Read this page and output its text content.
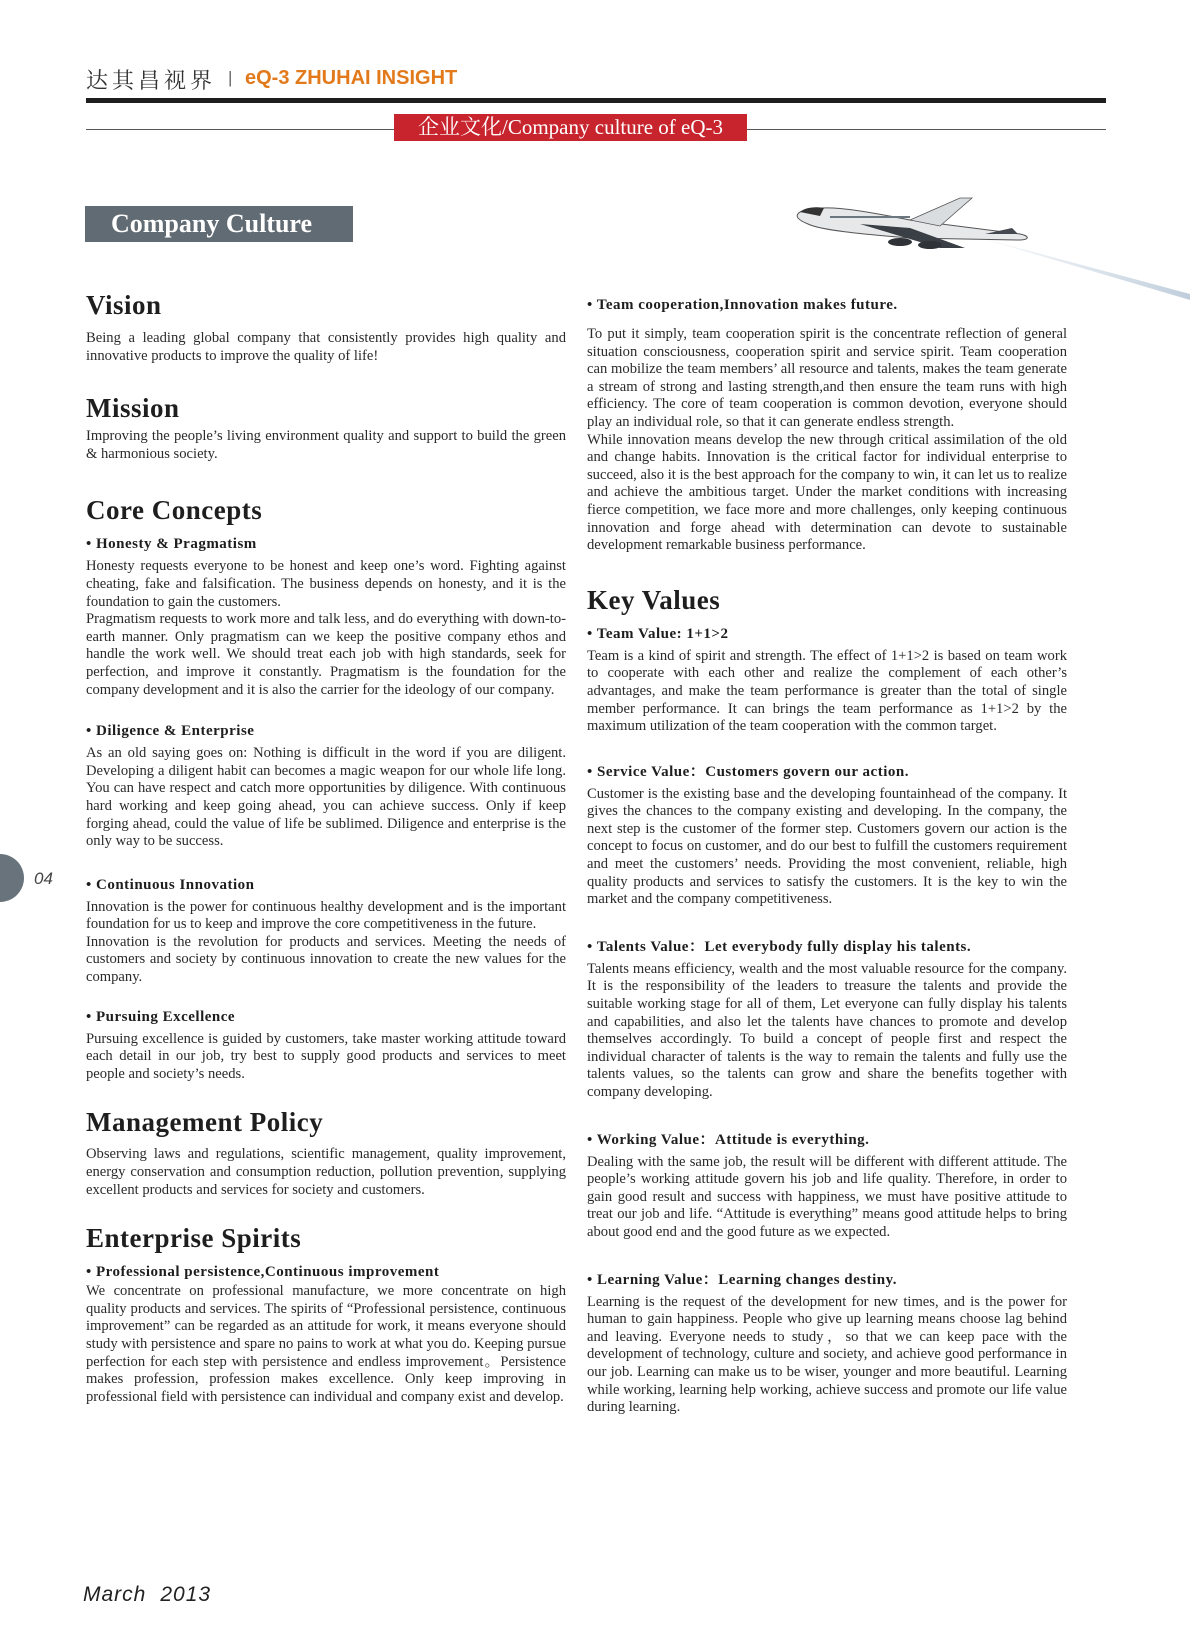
达其昌视界 | eQ-3 ZHUHAI INSIGHT
企业文化/Company culture of eQ-3
Company Culture
Vision

Being a leading global company that consistently provides high quality and innovative products to improve the quality of life!

Mission

Improving the people’s living environment quality and support to build the green & harmonious society.

Core Concepts
• Honesty & Pragmatism

Honesty requests everyone to be honest and keep one’s word. Fighting against cheating, fake and falsification. The business depends on honesty, and it is the foundation to gain the customers.

Pragmatism requests to work more and talk less, and do everything with down-to-earth manner. Only pragmatism can we keep the positive company ethos and handle the work well. We should treat each job with high standards, seek for perfection, and improve it constantly. Pragmatism is the foundation for the company development and it is also the carrier for the ideology of our company.

• Diligence & Enterprise

As an old saying goes on: Nothing is difficult in the word if you are diligent. Developing a diligent habit can becomes a magic weapon for our whole life long. You can have respect and catch more opportunities by diligence. With continuous hard working and keep going ahead, you can achieve success. Only if keep forging ahead, could the value of life be sublimed. Diligence and enterprise is the only way to be success.

• Continuous Innovation

Innovation is the power for continuous healthy development and is the important foundation for us to keep and improve the core competitiveness in the future.

Innovation is the revolution for products and services. Meeting the needs of customers and society by continuous innovation to create the new values for the company.

• Pursuing Excellence

Pursuing excellence is guided by customers, take master working attitude toward each detail in our job, try best to supply good products and services to meet people and society’s needs.

Management Policy

Observing laws and regulations, scientific management, quality improvement, energy conservation and consumption reduction, pollution prevention, supplying excellent products and services for society and customers.

Enterprise Spirits
• Professional persistence,Continuous improvement

We concentrate on professional manufacture, we more concentrate on high quality products and services. The spirits of “Professional persistence, continuous improvement” can be regarded as an attitude for work, it means everyone should study with persistence and spare no pains to work at what you do. Keeping pursue perfection for each step with persistence and endless improvement。Persistence makes profession, profession makes excellence. Only keep improving in professional field with persistence can individual and company exist and develop.

• Team cooperation,Innovation makes future.

To put it simply, team cooperation spirit is the concentrate reflection of general situation consciousness, cooperation spirit and service spirit. Team cooperation can mobilize the team members’ all resource and talents, makes the team generate a stream of strong and lasting strength,and then ensure the team runs with high efficiency. The core of team cooperation is common devotion, everyone should play an individual role, so that it can generate endless strength.

While innovation means develop the new through critical assimilation of the old and change habits. Innovation is the critical factor for individual enterprise to succeed, also it is the best approach for the company to win, it can let us to realize and achieve the ambitious target. Under the market conditions with increasing fierce competition, we face more and more challenges, only keeping continuous innovation and forge ahead with determination can devote to sustainable development remarkable business performance.

Key Values
• Team Value: 1+1>2

Team is a kind of spirit and strength. The effect of 1+1>2 is based on team work to cooperate with each other and realize the complement of each other’s advantages, and make the team performance is greater than the total of single member performance. It can brings the team performance as 1+1>2 by the maximum utilization of the team cooperation with the common target.

• Service Value：Customers govern our action.

Customer is the existing base and the developing fountainhead of the company. It gives the chances to the company existing and developing. In the company, the next step is the customer of the former step. Customers govern our action is the concept to focus on customer, and do our best to fulfill the customers requirement and meet the customers’ needs. Providing the most convenient, reliable, high quality products and services to satisfy the customers. It is the key to win the market and the company competitiveness.

• Talents Value：Let everybody fully display his talents.

Talents means efficiency, wealth and the most valuable resource for the company. It is the responsibility of the leaders to treasure the talents and provide the suitable working stage for all of them, Let everyone can fully display his talents and capabilities, and also let the talents have chances to promote and develop themselves accordingly. To build a concept of people first and respect the individual character of talents is the way to remain the talents and fully use the talents values, so the talents can grow and share the benefits together with company developing.

• Working Value：Attitude is everything.

Dealing with the same job, the result will be different with different attitude. The people’s working attitude govern his job and life quality. Therefore, in order to gain good result and success with happiness, we must have positive attitude to treat our job and life. “Attitude is everything” means good attitude helps to bring about good end and the good future as we expected.

• Learning Value：Learning changes destiny.

Learning is the request of the development for new times, and is the power for human to gain happiness. People who give up learning means choose lag behind and leaving. Everyone needs to study，so that we can keep pace with the development of technology, culture and society, and achieve good performance in our job. Learning can make us to be wiser, younger and more beautiful. Learning while working, learning help working, achieve success and promote our life value during learning.

04
March 2013
